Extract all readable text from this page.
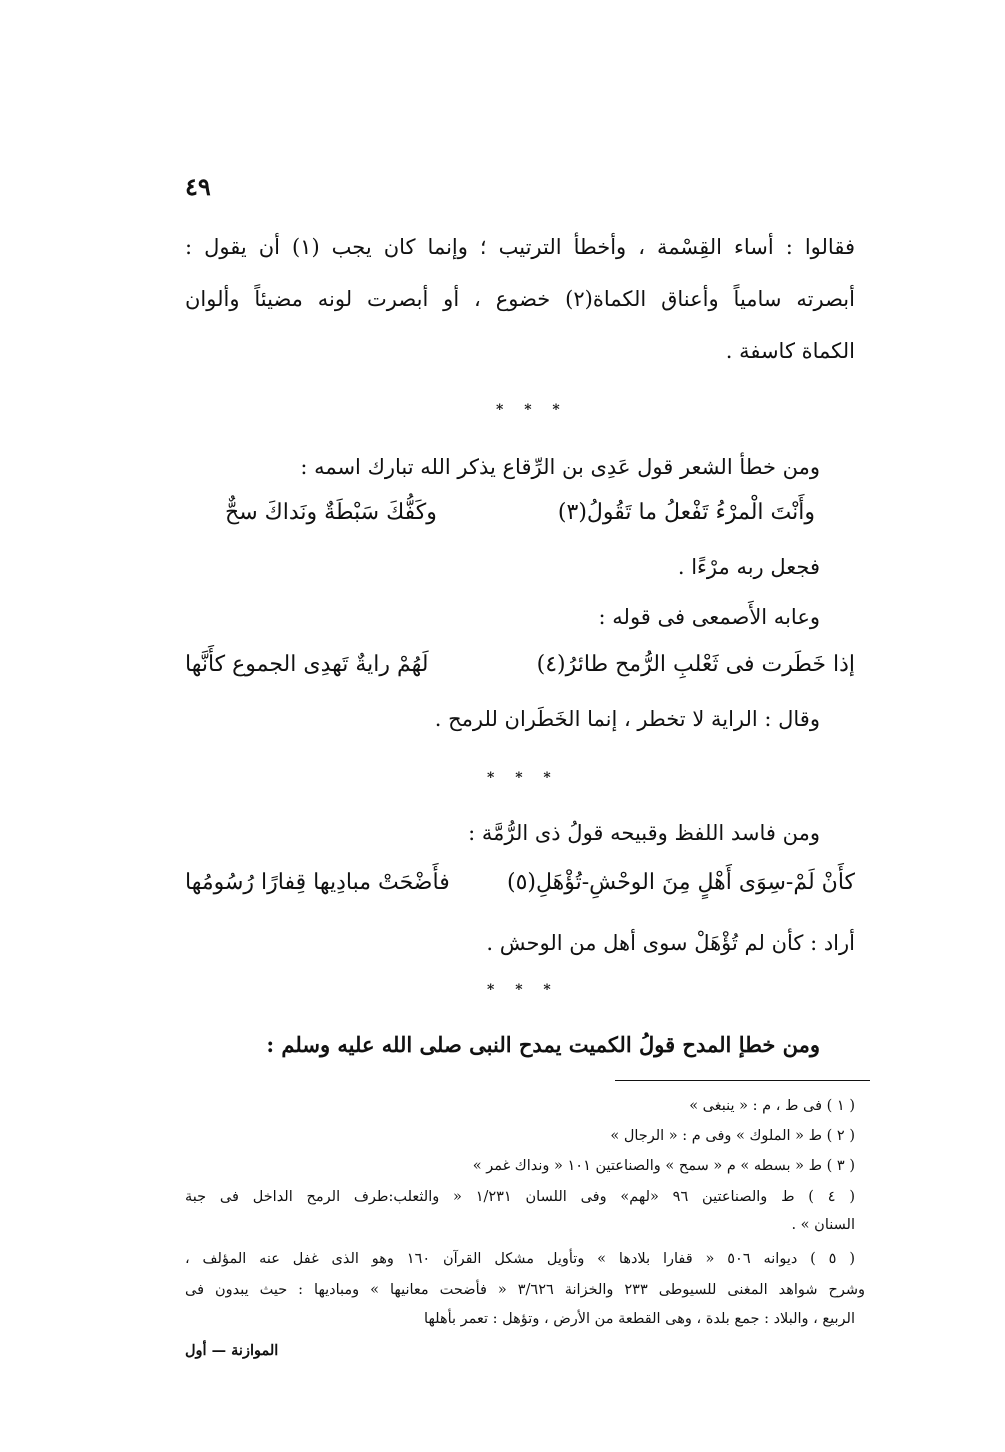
٤٩
فقالوا : أساء القِسْمة ، وأخطأ الترتيب ؛ وإنما كان يجب (١) أن يقول :
أبصرته سامياً وأعناق الكماة(٢) خضوع ، أو أبصرت لونه مضيئاً وألوان
الكماة كاسفة .
* * *
ومن خطأ الشعر قول عَدِى بن الرِّقاع يذكر الله تبارك اسمه :
وكَفُّكَ سَبْطَةٌ ونَداكَ سحٌّ	وأَنْتَ الْمرْءُ تَفْعلُ ما تَقُولُ(٣)
فجعل ربه مرْءًا .
وعابه الأَصمعى فى قوله :
لَهُمْ رايةٌ تَهدِى الجموع كأَنَّها	إذا خَطَرت فى ثَعْلبِ الرُّمح طائرُ(٤)
وقال : الراية لا تخطر ، إنما الخَطَران للرمح .
* * *
ومن فاسد اللفظ وقبيحه قولُ ذى الرُّمَّة :
فأَضْحَتْ مبادِيها قِفارًا رُسُومُها	كأَنْ لَمْ-سِوَى أَهْلٍ مِنَ الوحْشِ-تُؤْهَلِ(٥)
أراد : كأن لم تُؤْهَلْ سوى أهل من الوحش .
* * *
ومن خطإ المدح قولُ الكميت يمدح النبى صلى الله عليه وسلم :
( ١ ) فى ط ، م : « ينبغى »
( ٢ ) ط « الملوك » وفى م : « الرجال »
( ٣ ) ط « بسطه » م « سمح » والصناعتين ١٠١ « ونداك غمر »
( ٤ ) ط والصناعتين ٩٦ «لهم» وفى اللسان ١/٢٣١ « والثعلب:طرف الرمح الداخل فى جبة
السنان » .
( ٥ ) ديوانه ٥٠٦ « قفارا بلادها » وتأويل مشكل القرآن ١٦٠ وهو الذى غفل عنه المؤلف ،
وشرح شواهد المغنى للسيوطى ٢٣٣ والخزانة ٣/٦٢٦ « فأضحت معانيها » ومباديها : حيث يبدون فى
الربيع ، والبلاد : جمع بلدة ، وهى القطعة من الأرض ، وتؤهل : تعمر بأهلها
الموازنة — أول
